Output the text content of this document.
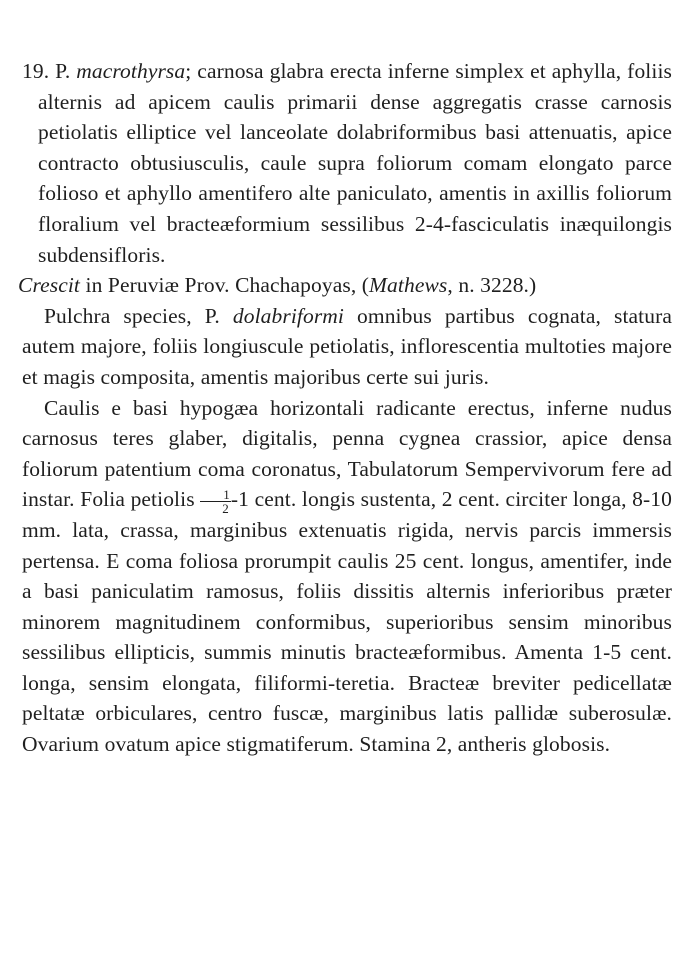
19. P. macrothyrsa; carnosa glabra erecta inferne simplex et aphylla, foliis alternis ad apicem caulis primarii dense aggregatis crasse carnosis petiolatis elliptice vel lanceolate dolabriformibus basi attenuatis, apice contracto obtusiusculis, caule supra foliorum comam elongato parce folioso et aphyllo amentifero alte paniculato, amentis in axillis foliorum floralium vel bracteæformium sessilibus 2-4-fasciculatis inæquilongis subdensifloris.

Crescit in Peruviæ Prov. Chachapoyas, (Mathews, n. 3228.)

Pulchra species, P. dolabriformi omnibus partibus cognata, statura autem majore, foliis longiuscule petiolatis, inflorescentia multoties majore et magis composita, amentis majoribus certe sui juris.

Caulis e basi hypogæa horizontali radicante erectus, inferne nudus carnosus teres glaber, digitalis, penna cygnea crassior, apice densa foliorum patentium coma coronatus, Tabulatorum Sempervivorum fere ad instar. Folia petiolis $\frac{1}{2} -1$ cent. longis sustenta, 2 cent. circiter longa, 8-10 mm. lata, crassa, marginibus extenuatis rigida, nervis parcis immersis pertensa. E coma foliosa prorumpit caulis 25 cent. longus, amentifer, inde a basi paniculatim ramosus, foliis dissitis alternis inferioribus præter minorem magnitudinem conformibus, superioribus sensim minoribus sessilibus ellipticis, summis minutis bracteæformibus. Amenta 1-5 cent. longa, sensim elongata, filiformi-teretia. Bracteæ breviter pedicellatæ peltatæ orbiculares, centro fuscæ, marginibus latis pallidæ suberosulæ. Ovarium ovatum apice stigmatiferum. Stamina 2, antheris globosis.
